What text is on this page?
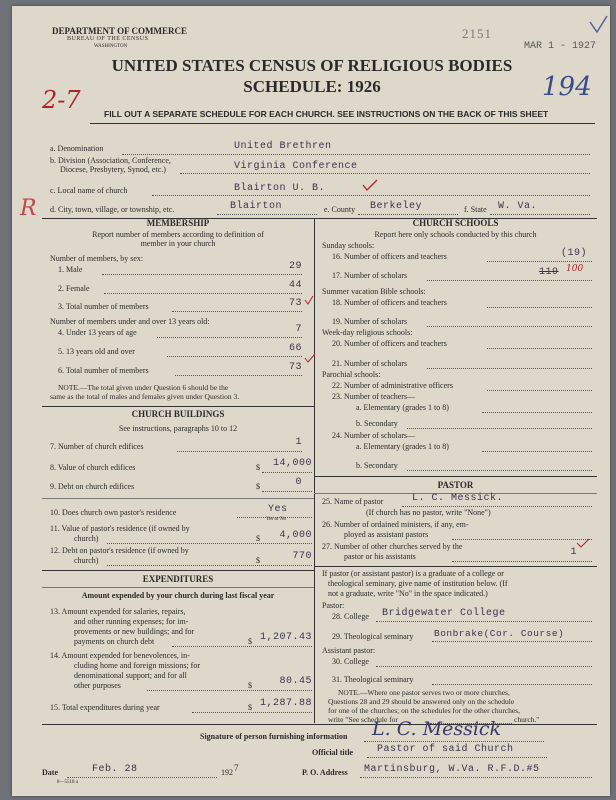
DEPARTMENT OF COMMERCE
BUREAU OF THE CENSUS
WASHINGTON
2151
MAR 1 - 1927
UNITED STATES CENSUS OF RELIGIOUS BODIES
SCHEDULE: 1926
2-7	194
FILL OUT A SEPARATE SCHEDULE FOR EACH CHURCH. SEE INSTRUCTIONS ON THE BACK OF THIS SHEET
R
a. Denomination	United Brethren
b. Division (Association, Conference,
Diocese, Presbytery, Synod, etc.)	Virginia Conference
c. Local name of church	Blairton U. B.
d. City, town, village, or township, etc.	Blairton	e. County Berkeley	f. State W. Va.
MEMBERSHIP
Report number of members according to definition of
member in your church
Number of members, by sex:
1. Male	29
2. Female	44
3. Total number of members	73
Number of members under and over 13 years old:
4. Under 13 years of age	7
5. 13 years old and over	66
6. Total number of members	73
NOTE.—The total given under Question 6 should be the
same as the total of males and females given under Question 3.
CHURCH BUILDINGS
See instructions, paragraphs 10 to 12
7. Number of church edifices	1
8. Value of church edifices	$	14,000
9. Debt on church edifices	$	0
10. Does church own pastor's residence	Yes
Yes or No
11. Value of pastor's residence (if owned by
church)	$	4,000
12. Debt on pastor's residence (if owned by
church)	$	770
EXPENDITURES
Amount expended by your church during last fiscal year
13. Amount expended for salaries, repairs,
and other running expenses; for im-
provements or new buildings; and for
payments on church debt	$ 1,207.43
14. Amount expended for benevolences, in-
cluding home and foreign missions; for
denominational support; and for all
other purposes	$	80.45
15. Total expenditures during year	$ 1,287.88
CHURCH SCHOOLS
Report here only schools conducted by this church
Sunday schools:
16. Number of officers and teachers	(19)
17. Number of scholars	119 100
Summer vacation Bible schools:
18. Number of officers and teachers
19. Number of scholars
Week-day religious schools:
20. Number of officers and teachers
21. Number of scholars
Parochial schools:
22. Number of administrative officers
23. Number of teachers—
a. Elementary (grades 1 to 8)
b. Secondary
24. Number of scholars—
a. Elementary (grades 1 to 8)
b. Secondary
PASTOR
25. Name of pastor	L. C. Messick.
(If church has no pastor, write "None")
26. Number of ordained ministers, if any, em-
ployed as assistant pastors
27. Number of other churches served by the
pastor or his assistants	1
If pastor (or assistant pastor) is a graduate of a college or
theological seminary, give name of institution below. (If
not a graduate, write "No" in the space indicated.)
Pastor:
28. College Bridgewater College
29. Theological seminary Bonbrake(Cor. Course)
Assistant pastor:
30. College
31. Theological seminary
NOTE.—Where one pastor serves two or more churches,
Questions 28 and 29 should be answered only on the schedule
for one of the churches; on the schedules for the other churches,
write "See schedule for	church."
Signature of person furnishing information L. C. Messick
Official title Pastor of said Church
Date	Feb. 28	192 7	P. O. Address Martinsburg, W.Va. R.F.D.#5
8—5518 a
